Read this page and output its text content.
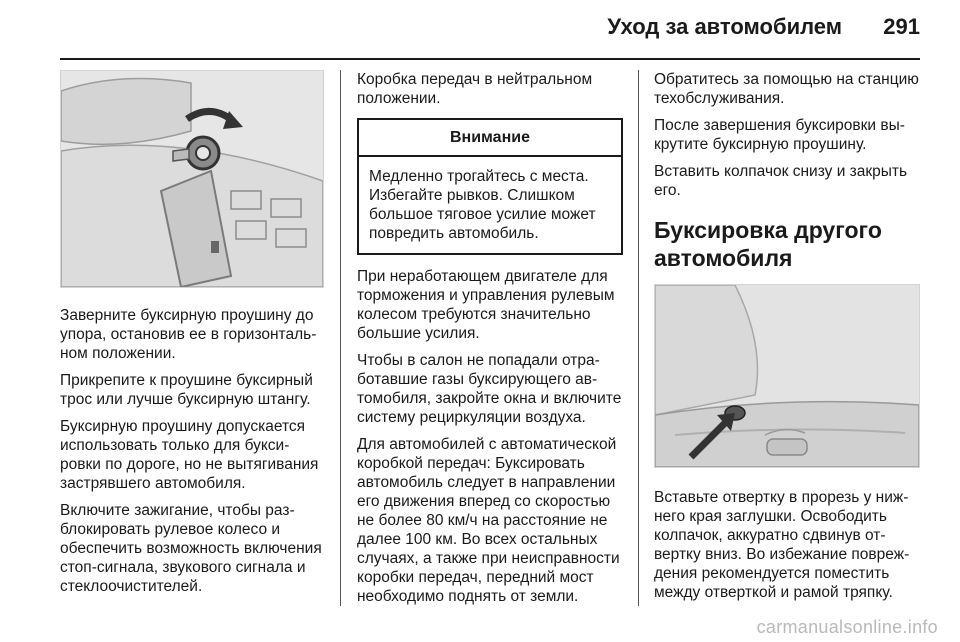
Уход за автомобилем 291

Заверните буксирную проушину до упора, остановив ее в горизонтальном положении.

Прикрепите к проушине буксирный трос или лучше буксирную штангу.

Буксирную проушину допускается использовать только для буксировки по дороге, но не вытягивания застрявшего автомобиля.

Включите зажигание, чтобы разблокировать рулевое колесо и обеспечить возможность включения стоп-сигнала, звукового сигнала и стеклоочистителей.

Коробка передач в нейтральном положении.

Внимание
Медленно трогайтесь с места. Избегайте рывков. Слишком большое тяговое усилие может повредить автомобиль.

При неработающем двигателе для торможения и управления рулевым колесом требуются значительно большие усилия.

Чтобы в салон не попадали отработавшие газы буксирующего автомобиля, закройте окна и включите систему рециркуляции воздуха.

Для автомобилей с автоматической коробкой передач: Буксировать автомобиль следует в направлении его движения вперед со скоростью не более 80 км/ч на расстояние не далее 100 км. Во всех остальных случаях, а также при неисправности коробки передач, передний мост необходимо поднять от земли.

Обратитесь за помощью на станцию техобслуживания.

После завершения буксировки выкрутите буксирную проушину.

Вставить колпачок снизу и закрыть его.

Буксировка другого автомобиля

Вставьте отвертку в прорезь у нижнего края заглушки. Освободить колпачок, аккуратно сдвинув отвертку вниз. Во избежание повреждения рекомендуется поместить между отверткой и рамой тряпку.

carmanualsonline.info
